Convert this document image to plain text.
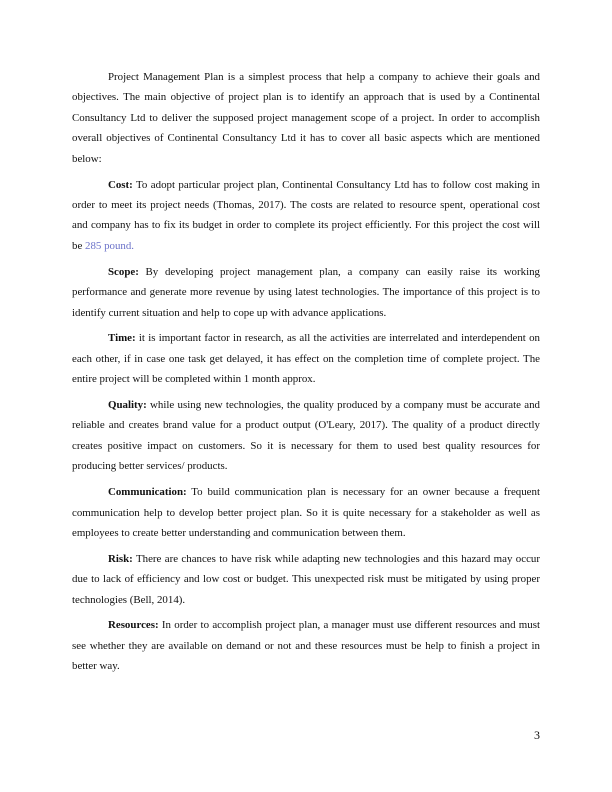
Project Management Plan is a simplest process that help a company to achieve their goals and objectives. The main objective of project plan is to identify an approach that is used by a Continental Consultancy Ltd to deliver the supposed project management scope of a project. In order to accomplish overall objectives of Continental Consultancy Ltd it has to cover all basic aspects which are mentioned below:

Cost: To adopt particular project plan, Continental Consultancy Ltd has to follow cost making in order to meet its project needs (Thomas, 2017). The costs are related to resource spent, operational cost and company has to fix its budget in order to complete its project efficiently. For this project the cost will be 285 pound.

Scope: By developing project management plan, a company can easily raise its working performance and generate more revenue by using latest technologies. The importance of this project is to identify current situation and help to cope up with advance applications.

Time: it is important factor in research, as all the activities are interrelated and interdependent on each other, if in case one task get delayed, it has effect on the completion time of complete project. The entire project will be completed within 1 month approx.

Quality: while using new technologies, the quality produced by a company must be accurate and reliable and creates brand value for a product output (O'Leary, 2017). The quality of a product directly creates positive impact on customers. So it is necessary for them to used best quality resources for producing better services/ products.

Communication: To build communication plan is necessary for an owner because a frequent communication help to develop better project plan. So it is quite necessary for a stakeholder as well as employees to create better understanding and communication between them.

Risk: There are chances to have risk while adapting new technologies and this hazard may occur due to lack of efficiency and low cost or budget. This unexpected risk must be mitigated by using proper technologies (Bell, 2014).

Resources: In order to accomplish project plan, a manager must use different resources and must see whether they are available on demand or not and these resources must be help to finish a project in better way.

3
